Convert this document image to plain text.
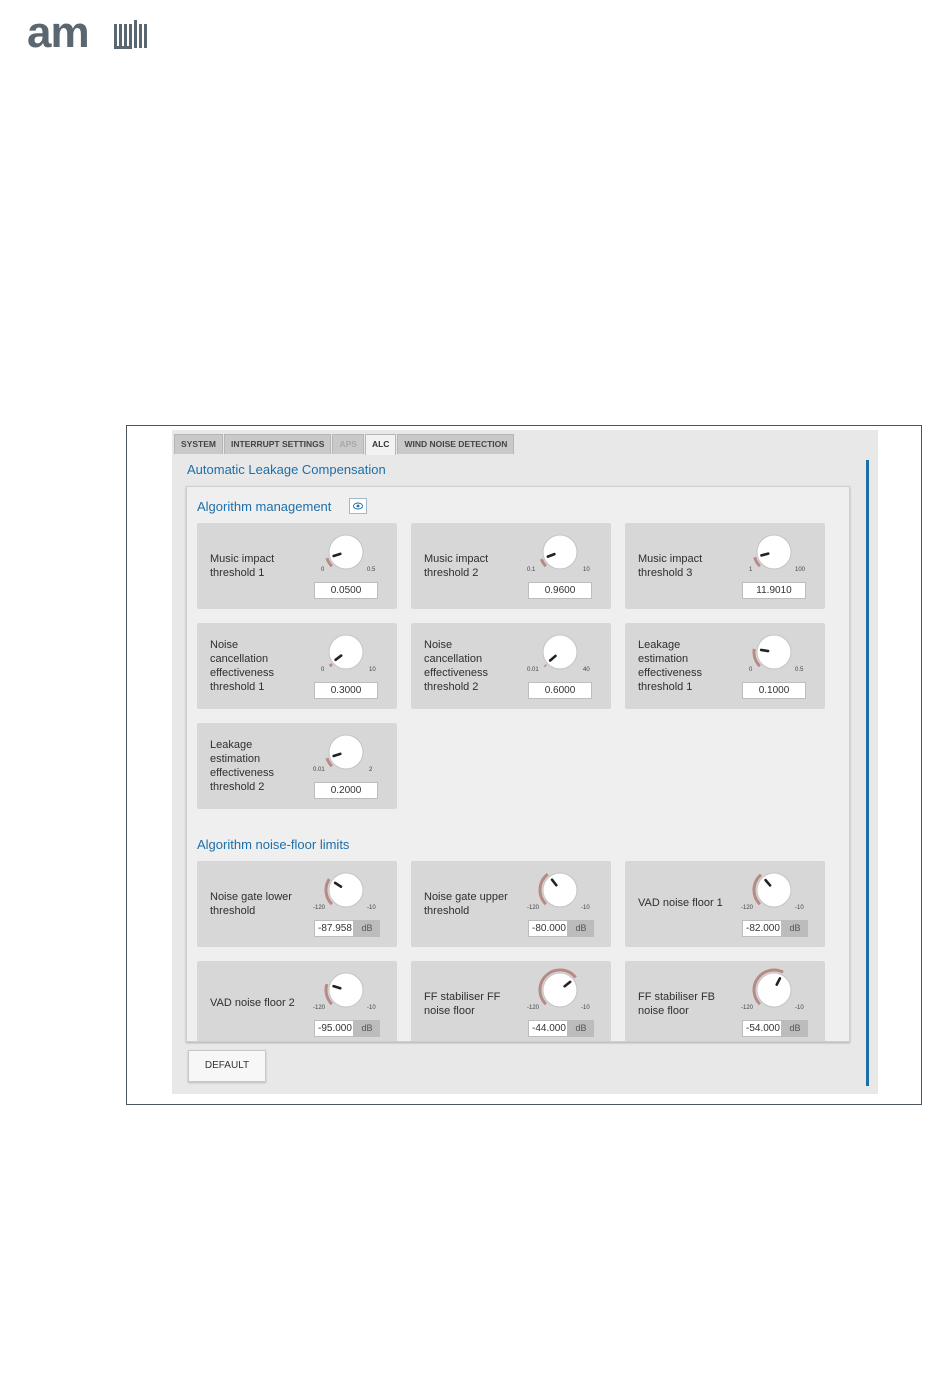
am
SYSTEM	INTERRUPT SETTINGS	APS	ALC	WIND NOISE DETECTION
Automatic Leakage Compensation
Algorithm management
Music impact
threshold 1	0	0.5
0.0500
Music impact
threshold 2	0.1	10
0.9600
Music impact
threshold 3	1	100
11.9010
Noise
cancellation
effectiveness
threshold 1
0	10
0.3000
Noise
cancellation
effectiveness
threshold 2
0.01	40
0.6000
Leakage
estimation
effectiveness
threshold 1
0	0.5
0.1000
Leakage
estimation
effectiveness
threshold 2
0.01	2
0.2000
Algorithm noise-floor limits
Noise gate lower
threshold	-120	-10
-87.958	dB
Noise gate upper
threshold	-120	-10
-80.000	dB
VAD noise floor 1	-120	-10
-82.000	dB
VAD noise floor 2	-120	-10
-95.000	dB
FF stabiliser FF
noise floor	-120	-10
-44.000	dB
FF stabiliser FB
noise floor	-120	-10
-54.000	dB
DEFAULT
